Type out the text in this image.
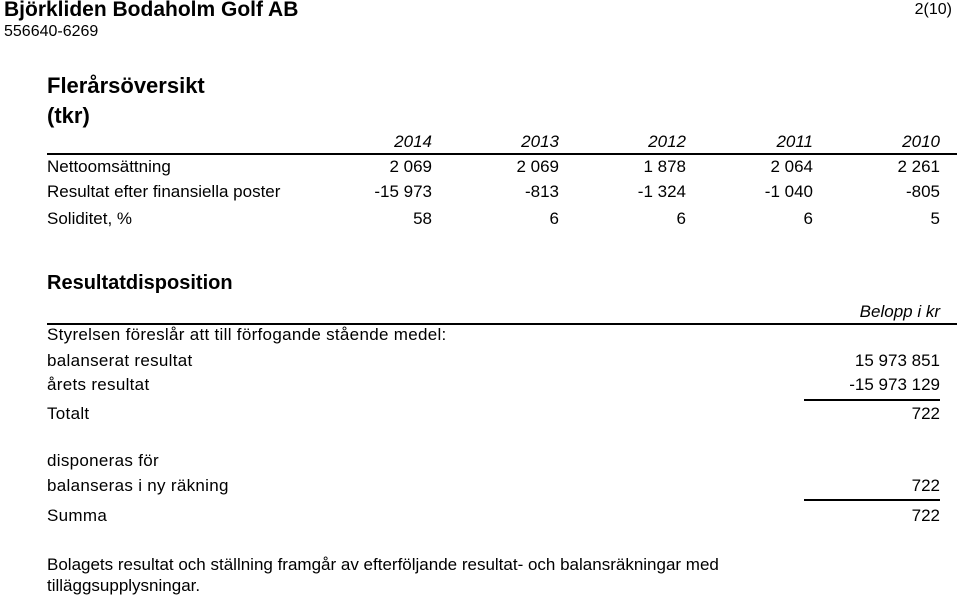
Björkliden Bodaholm Golf AB
556640-6269
2(10)
Flerårsöversikt
(tkr)
2014	2013	2012	2011	2010
Nettoomsättning	2 069	2 069	1 878	2 064	2 261
Resultat efter finansiella poster	-15 973	-813	-1 324	-1 040	-805
Soliditet, %	58	6	6	6	5
Resultatdisposition
Belopp i kr
Styrelsen föreslår att till förfogande stående medel:
balanserat resultat	15 973 851
årets resultat	-15 973 129
Totalt	722
disponeras för
balanseras i ny räkning	722
Summa	722
Bolagets resultat och ställning framgår av efterföljande resultat- och balansräkningar med
tilläggsupplysningar.
